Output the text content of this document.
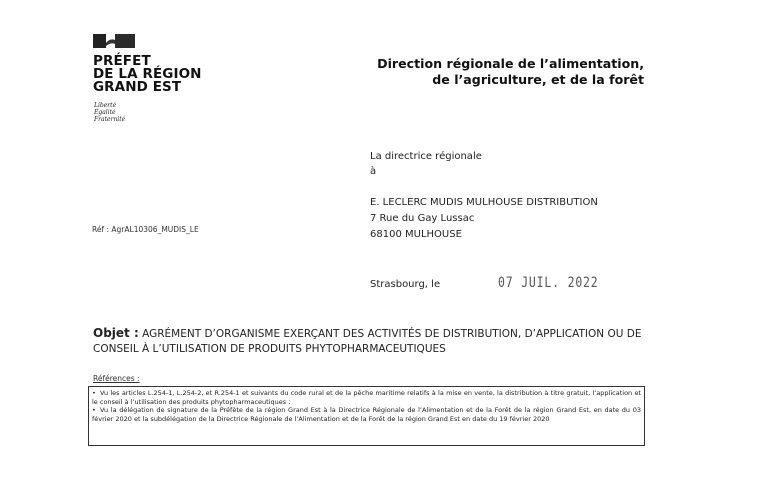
PRÉFET
DE LA RÉGION
GRAND EST
Liberté
Égalité
Fraternité
Direction régionale de l’alimentation,
de l’agriculture, et de la forêt
La directrice régionale
à
E. LECLERC MUDIS MULHOUSE DISTRIBUTION
7 Rue du Gay Lussac
68100 MULHOUSE
Réf : AgrAL10306_MUDIS_LE
Strasbourg, le	07 JUIL. 2022
Objet : AGRÉMENT D’ORGANISME EXERÇANT DES ACTIVITÉS DE DISTRIBUTION, D’APPLICATION OU DE CONSEIL À L’UTILISATION DE PRODUITS PHYTOPHARMACEUTIQUES
Références :
• Vu les articles L.254-1, L.254-2, et R.254-1 et suivants du code rural et de la pêche maritime relatifs à la mise en vente, la distribution à titre gratuit, l’application et le conseil à l’utilisation des produits phytopharmaceutiques ;
• Vu la délégation de signature de la Préfète de la région Grand Est à la Directrice Régionale de l’Alimentation et de la Forêt de la région Grand Est, en date du 03 février 2020 et la subdélégation de la Directrice Régionale de l’Alimentation et de la Forêt de la région Grand Est en date du 19 février 2020
